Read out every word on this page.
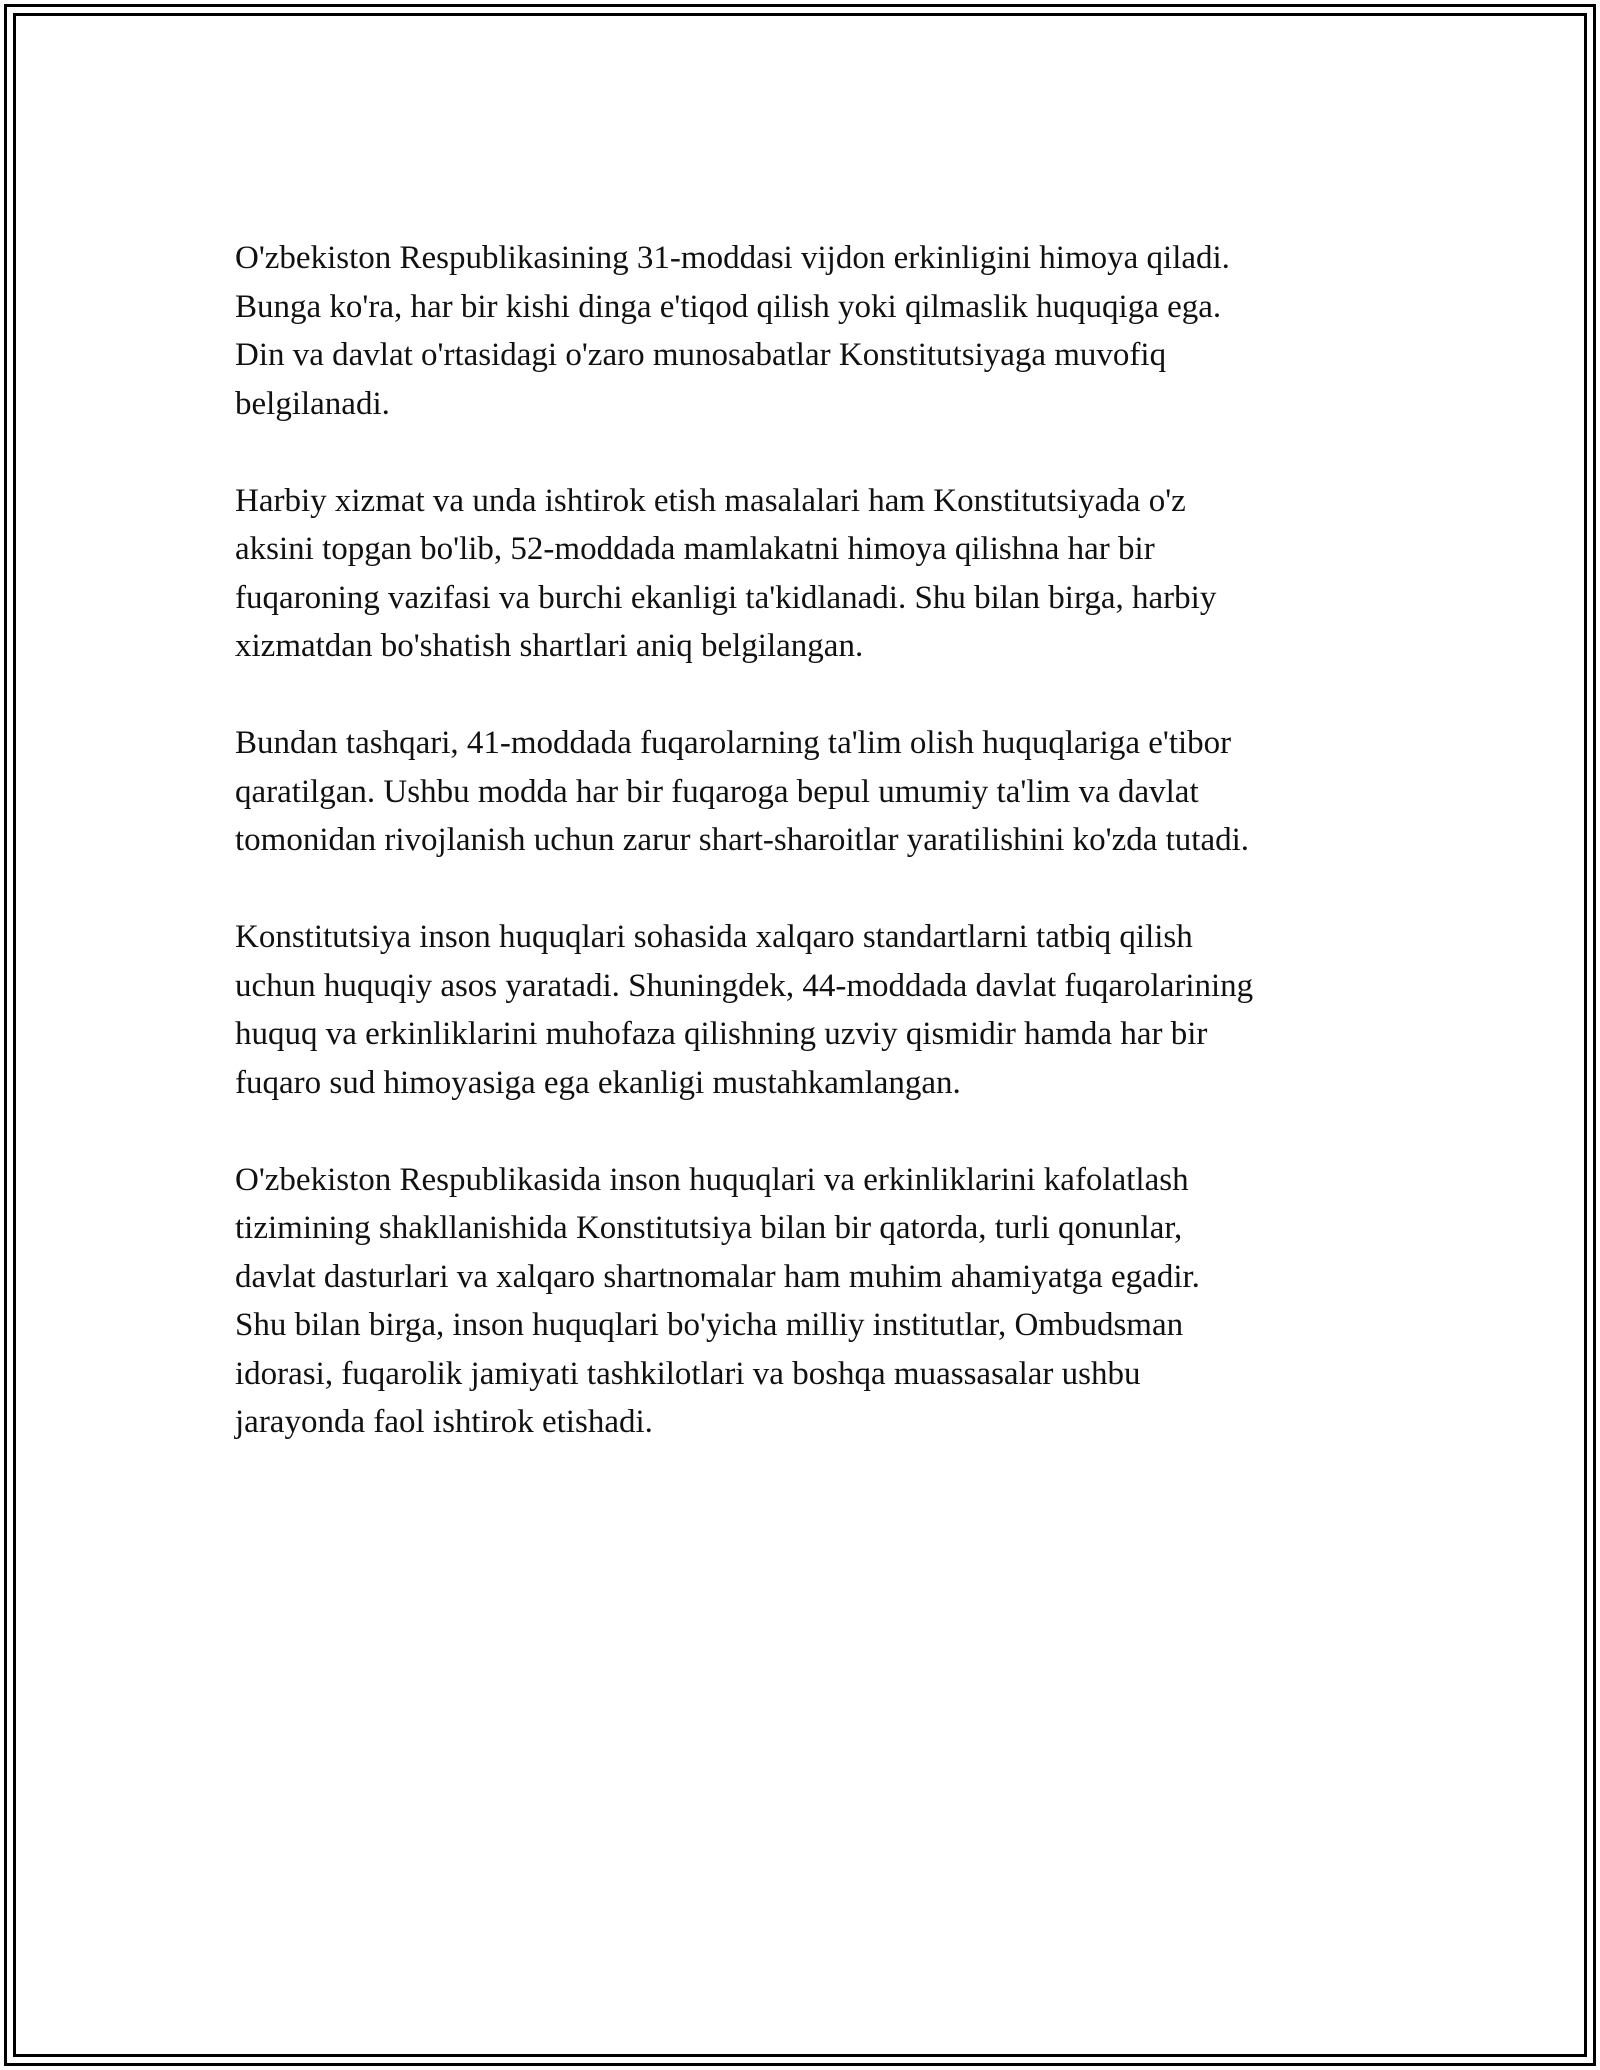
O'zbekiston Respublikasining 31-moddasi vijdon erkinligini himoya qiladi.
Bunga ko'ra, har bir kishi dinga e'tiqod qilish yoki qilmaslik huquqiga ega.
Din va davlat o'rtasidagi o'zaro munosabatlar Konstitutsiyaga muvofiq
belgilanadi.

Harbiy xizmat va unda ishtirok etish masalalari ham Konstitutsiyada o'z
aksini topgan bo'lib, 52-moddada mamlakatni himoya qilishna har bir
fuqaroning vazifasi va burchi ekanligi ta'kidlanadi. Shu bilan birga, harbiy
xizmatdan bo'shatish shartlari aniq belgilangan.

Bundan tashqari, 41-moddada fuqarolarning ta'lim olish huquqlariga e'tibor
qaratilgan. Ushbu modda har bir fuqaroga bepul umumiy ta'lim va davlat
tomonidan rivojlanish uchun zarur shart-sharoitlar yaratilishini ko'zda tutadi.

Konstitutsiya inson huquqlari sohasida xalqaro standartlarni tatbiq qilish
uchun huquqiy asos yaratadi. Shuningdek, 44-moddada davlat fuqarolarining
huquq va erkinliklarini muhofaza qilishning uzviy qismidir hamda har bir
fuqaro sud himoyasiga ega ekanligi mustahkamlangan.

O'zbekiston Respublikasida inson huquqlari va erkinliklarini kafolatlash
tizimining shakllanishida Konstitutsiya bilan bir qatorda, turli qonunlar,
davlat dasturlari va xalqaro shartnomalar ham muhim ahamiyatga egadir.
Shu bilan birga, inson huquqlari bo'yicha milliy institutlar, Ombudsman
idorasi, fuqarolik jamiyati tashkilotlari va boshqa muassasalar ushbu
jarayonda faol ishtirok etishadi.
